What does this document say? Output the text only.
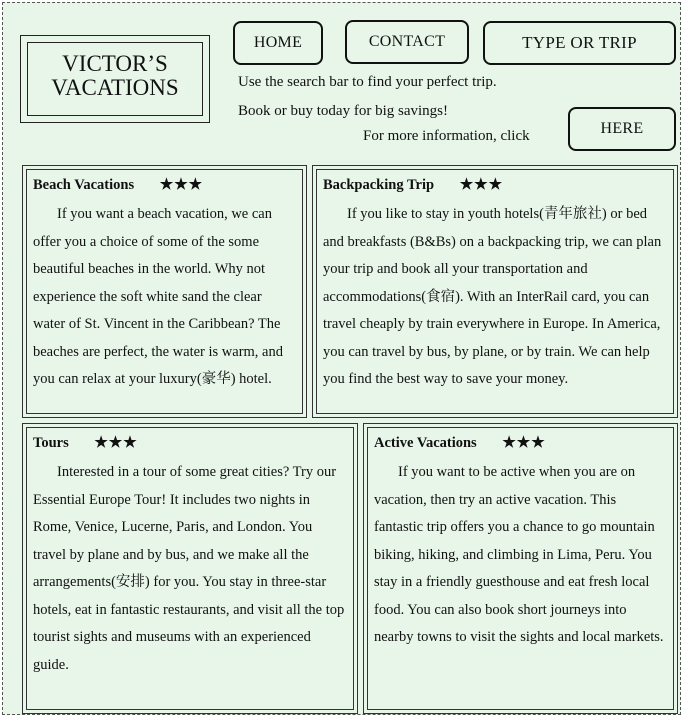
VICTOR’S
VACATIONS
HOME	CONTACT	TYPE OR TRIP
Use the search bar to find your perfect trip.
Book or buy today for big savings!
For more information, click	HERE
Beach Vacations ★★★

If you want a beach vacation, we can offer you a choice of some of the some beautiful beaches in the world. Why not experience the soft white sand the clear water of St. Vincent in the Caribbean? The beaches are perfect, the water is warm, and you can relax at your luxury(豪华) hotel.

Backpacking Trip ★★★

If you like to stay in youth hotels(青年旅社) or bed and breakfasts (B&Bs) on a backpacking trip, we can plan your trip and book all your transportation and accommodations(食宿). With an InterRail card, you can travel cheaply by train everywhere in Europe. In America, you can travel by bus, by plane, or by train. We can help you find the best way to save your money.

Tours ★★★

Interested in a tour of some great cities? Try our Essential Europe Tour! It includes two nights in Rome, Venice, Lucerne, Paris, and London. You travel by plane and by bus, and we make all the arrangements(安排) for you. You stay in three-star hotels, eat in fantastic restaurants, and visit all the top tourist sights and museums with an experienced guide.

Active Vacations ★★★

If you want to be active when you are on vacation, then try an active vacation. This fantastic trip offers you a chance to go mountain biking, hiking, and climbing in Lima, Peru. You stay in a friendly guesthouse and eat fresh local food. You can also book short journeys into nearby towns to visit the sights and local markets.
